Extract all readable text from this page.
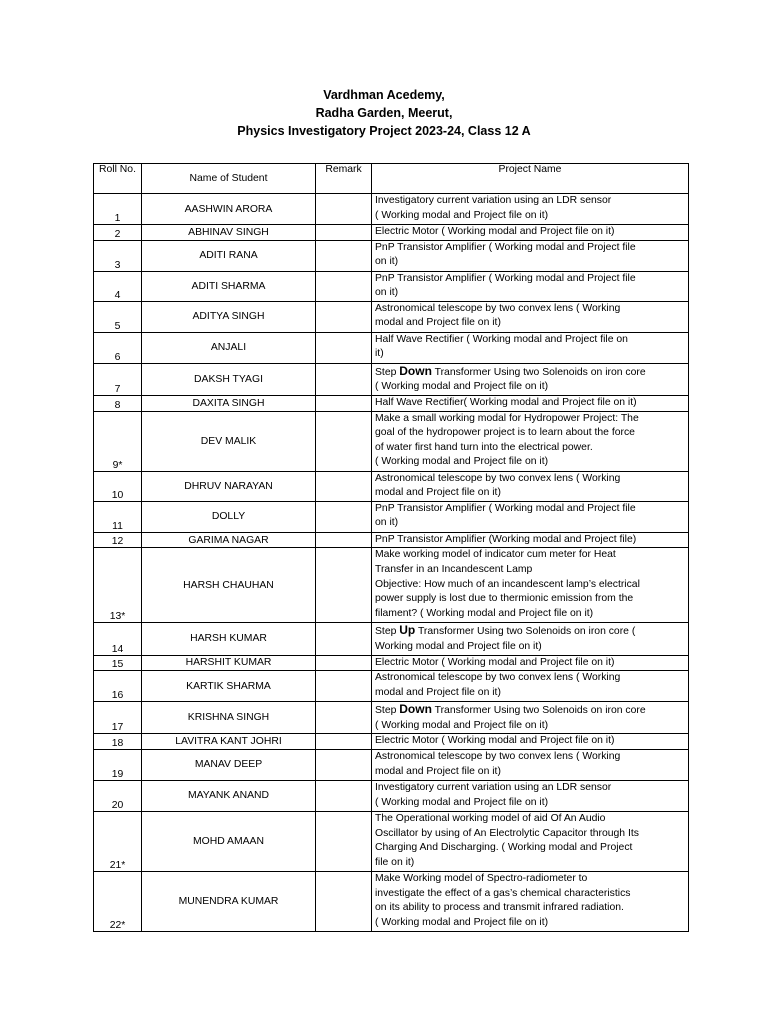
Vardhman Acedemy,
Radha Garden, Meerut,
Physics Investigatory Project 2023-24, Class 12 A
Roll No.	Name of Student	Remark	Project Name
1	AASHWIN ARORA		Investigatory current variation using an LDR sensor
( Working modal and Project file on it)
2	ABHINAV SINGH		Electric Motor ( Working modal and Project file on it)
3	ADITI RANA		PnP Transistor Amplifier ( Working modal and Project file
on it)
4	ADITI SHARMA		PnP Transistor Amplifier ( Working modal and Project file
on it)
5	ADITYA SINGH		Astronomical telescope by two convex lens ( Working
modal and Project file on it)
6	ANJALI		Half Wave Rectifier ( Working modal and Project file on
it)
7	DAKSH TYAGI		Step Down Transformer Using two Solenoids on iron core
( Working modal and Project file on it)
8	DAXITA SINGH		Half Wave Rectifier( Working modal and Project file on it)
9*	DEV MALIK		Make a small working modal for Hydropower Project: The
goal of the hydropower project is to learn about the force
of water first hand turn into the electrical power.
( Working modal and Project file on it)
10	DHRUV NARAYAN		Astronomical telescope by two convex lens ( Working
modal and Project file on it)
11	DOLLY		PnP Transistor Amplifier ( Working modal and Project file
on it)
12	GARIMA NAGAR		PnP Transistor Amplifier (Working modal and Project file)
13*	HARSH CHAUHAN		Make working model of indicator cum meter for Heat
Transfer in an Incandescent Lamp
Objective: How much of an incandescent lamp’s electrical
power supply is lost due to thermionic emission from the
filament? ( Working modal and Project file on it)
14	HARSH KUMAR		Step Up Transformer Using two Solenoids on iron core (
Working modal and Project file on it)
15	HARSHIT KUMAR		Electric Motor ( Working modal and Project file on it)
16	KARTIK SHARMA		Astronomical telescope by two convex lens ( Working
modal and Project file on it)
17	KRISHNA SINGH		Step Down Transformer Using two Solenoids on iron core
( Working modal and Project file on it)
18	LAVITRA KANT JOHRI		Electric Motor ( Working modal and Project file on it)
19	MANAV DEEP		Astronomical telescope by two convex lens ( Working
modal and Project file on it)
20	MAYANK ANAND		Investigatory current variation using an LDR sensor
( Working modal and Project file on it)
21*	MOHD AMAAN		The Operational working model of aid Of An Audio
Oscillator by using of An Electrolytic Capacitor through Its
Charging And Discharging. ( Working modal and Project
file on it)
22*	MUNENDRA KUMAR		Make Working model of Spectro-radiometer to
investigate the effect of a gas’s chemical characteristics
on its ability to process and transmit infrared radiation.
( Working modal and Project file on it)
